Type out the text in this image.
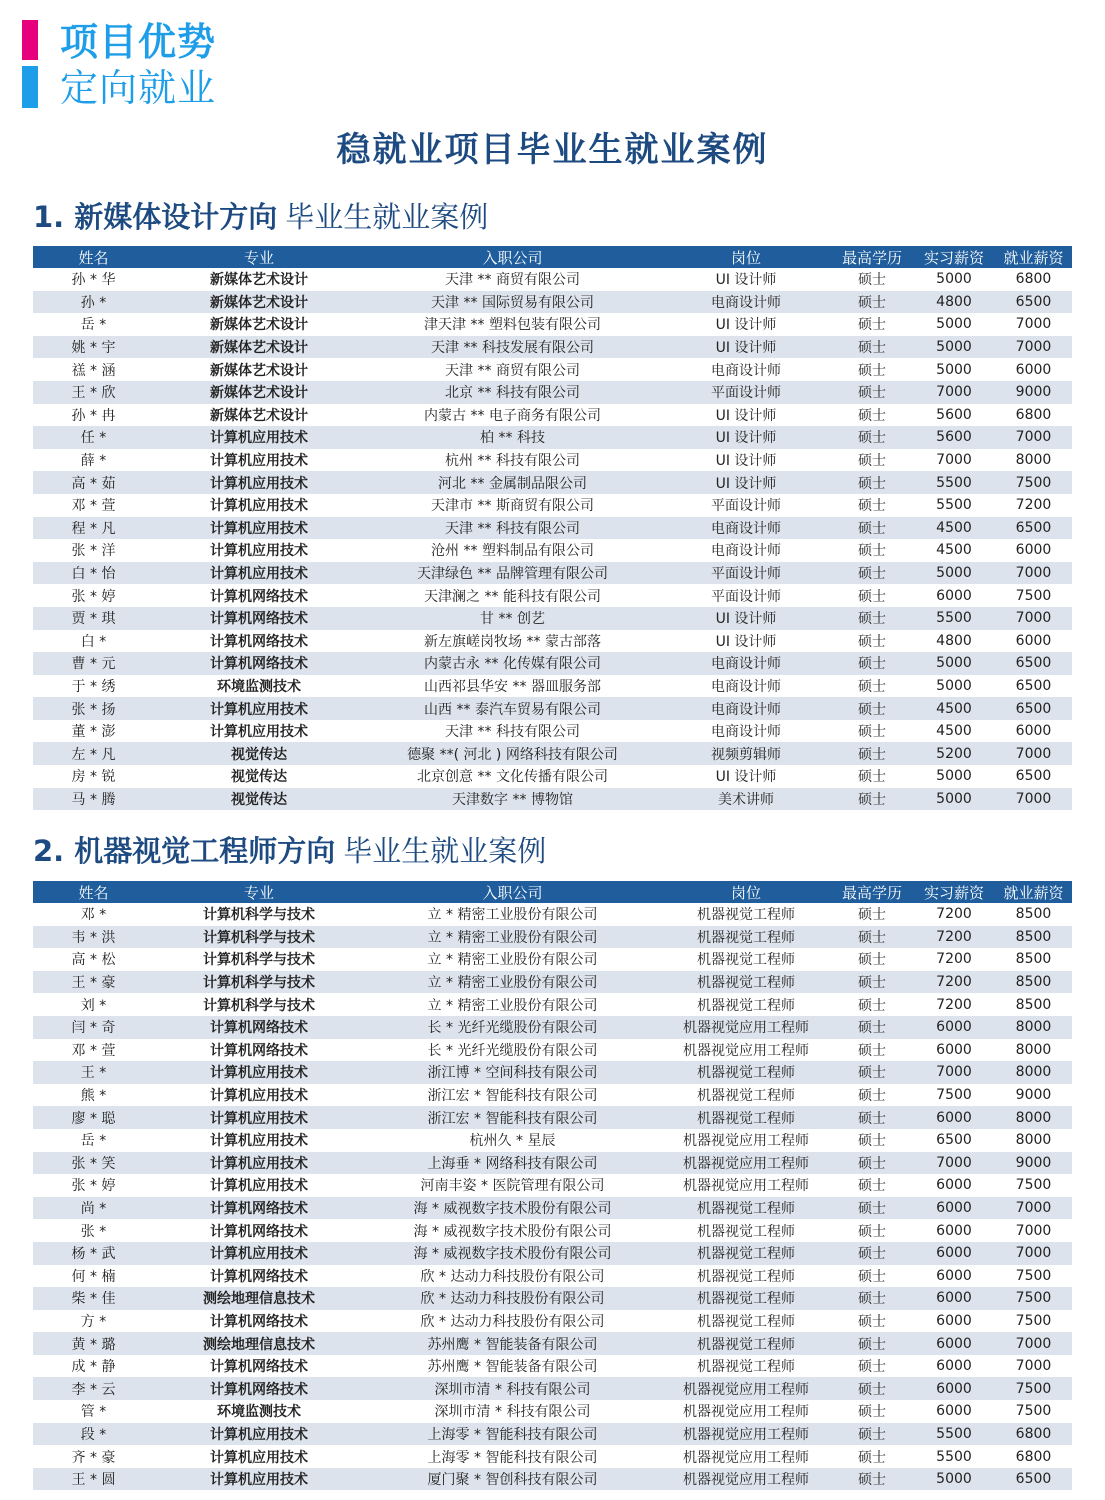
项目优势
定向就业
稳就业项目毕业生就业案例
1. 新媒体设计方向 毕业生就业案例
姓名	专业	入职公司	岗位	最高学历	实习薪资	就业薪资
孙 * 华	新媒体艺术设计	天津 ** 商贸有限公司	UI 设计师	硕士	5000	6800
孙 *	新媒体艺术设计	天津 ** 国际贸易有限公司	电商设计师	硕士	4800	6500
岳 *	新媒体艺术设计	津天津 ** 塑料包装有限公司	UI 设计师	硕士	5000	7000
姚 * 宇	新媒体艺术设计	天津 ** 科技发展有限公司	UI 设计师	硕士	5000	7000
禚 * 涵	新媒体艺术设计	天津 ** 商贸有限公司	电商设计师	硕士	5000	6000
王 * 欣	新媒体艺术设计	北京 ** 科技有限公司	平面设计师	硕士	7000	9000
孙 * 冉	新媒体艺术设计	内蒙古 ** 电子商务有限公司	UI 设计师	硕士	5600	6800
任 *	计算机应用技术	柏 ** 科技	UI 设计师	硕士	5600	7000
薛 *	计算机应用技术	杭州 ** 科技有限公司	UI 设计师	硕士	7000	8000
高 * 茹	计算机应用技术	河北 ** 金属制品限公司	UI 设计师	硕士	5500	7500
邓 * 萱	计算机应用技术	天津市 ** 斯商贸有限公司	平面设计师	硕士	5500	7200
程 * 凡	计算机应用技术	天津 ** 科技有限公司	电商设计师	硕士	4500	6500
张 * 洋	计算机应用技术	沧州 ** 塑料制品有限公司	电商设计师	硕士	4500	6000
白 * 怡	计算机应用技术	天津绿色 ** 品牌管理有限公司	平面设计师	硕士	5000	7000
张 * 婷	计算机网络技术	天津澜之 ** 能科技有限公司	平面设计师	硕士	6000	7500
贾 * 琪	计算机网络技术	甘 ** 创艺	UI 设计师	硕士	5500	7000
白 *	计算机网络技术	新左旗嵯岗牧场 ** 蒙古部落	UI 设计师	硕士	4800	6000
曹 * 元	计算机网络技术	内蒙古永 ** 化传媒有限公司	电商设计师	硕士	5000	6500
于 * 绣	环境监测技术	山西祁县华安 ** 器皿服务部	电商设计师	硕士	5000	6500
张 * 扬	计算机应用技术	山西 ** 泰汽车贸易有限公司	电商设计师	硕士	4500	6500
董 * 澎	计算机应用技术	天津 ** 科技有限公司	电商设计师	硕士	4500	6000
左 * 凡	视觉传达	德聚 **( 河北 ) 网络科技有限公司	视频剪辑师	硕士	5200	7000
房 * 锐	视觉传达	北京创意 ** 文化传播有限公司	UI 设计师	硕士	5000	6500
马 * 腾	视觉传达	天津数字 ** 博物馆	美术讲师	硕士	5000	7000
2. 机器视觉工程师方向 毕业生就业案例
姓名	专业	入职公司	岗位	最高学历	实习薪资	就业薪资
邓 *	计算机科学与技术	立 * 精密工业股份有限公司	机器视觉工程师	硕士	7200	8500
韦 * 洪	计算机科学与技术	立 * 精密工业股份有限公司	机器视觉工程师	硕士	7200	8500
高 * 松	计算机科学与技术	立 * 精密工业股份有限公司	机器视觉工程师	硕士	7200	8500
王 * 豪	计算机科学与技术	立 * 精密工业股份有限公司	机器视觉工程师	硕士	7200	8500
刘 *	计算机科学与技术	立 * 精密工业股份有限公司	机器视觉工程师	硕士	7200	8500
闫 * 奇	计算机网络技术	长 * 光纤光缆股份有限公司	机器视觉应用工程师	硕士	6000	8000
邓 * 萱	计算机网络技术	长 * 光纤光缆股份有限公司	机器视觉应用工程师	硕士	6000	8000
王 *	计算机应用技术	浙江博 * 空间科技有限公司	机器视觉工程师	硕士	7000	8000
熊 *	计算机应用技术	浙江宏 * 智能科技有限公司	机器视觉工程师	硕士	7500	9000
廖 * 聪	计算机应用技术	浙江宏 * 智能科技有限公司	机器视觉工程师	硕士	6000	8000
岳 *	计算机应用技术	杭州久 * 星辰	机器视觉应用工程师	硕士	6500	8000
张 * 笑	计算机应用技术	上海垂 * 网络科技有限公司	机器视觉应用工程师	硕士	7000	9000
张 * 婷	计算机应用技术	河南丰姿 * 医院管理有限公司	机器视觉应用工程师	硕士	6000	7500
尚 *	计算机网络技术	海 * 威视数字技术股份有限公司	机器视觉工程师	硕士	6000	7000
张 *	计算机网络技术	海 * 威视数字技术股份有限公司	机器视觉工程师	硕士	6000	7000
杨 * 武	计算机应用技术	海 * 威视数字技术股份有限公司	机器视觉工程师	硕士	6000	7000
何 * 楠	计算机网络技术	欣 * 达动力科技股份有限公司	机器视觉工程师	硕士	6000	7500
柴 * 佳	测绘地理信息技术	欣 * 达动力科技股份有限公司	机器视觉工程师	硕士	6000	7500
方 *	计算机网络技术	欣 * 达动力科技股份有限公司	机器视觉工程师	硕士	6000	7500
黄 * 璐	测绘地理信息技术	苏州鹰 * 智能装备有限公司	机器视觉工程师	硕士	6000	7000
成 * 静	计算机网络技术	苏州鹰 * 智能装备有限公司	机器视觉工程师	硕士	6000	7000
李 * 云	计算机网络技术	深圳市清 * 科技有限公司	机器视觉应用工程师	硕士	6000	7500
管 *	环境监测技术	深圳市清 * 科技有限公司	机器视觉应用工程师	硕士	6000	7500
段 *	计算机应用技术	上海零 * 智能科技有限公司	机器视觉应用工程师	硕士	5500	6800
齐 * 豪	计算机应用技术	上海零 * 智能科技有限公司	机器视觉应用工程师	硕士	5500	6800
王 * 圆	计算机应用技术	厦门聚 * 智创科技有限公司	机器视觉应用工程师	硕士	5000	6500
